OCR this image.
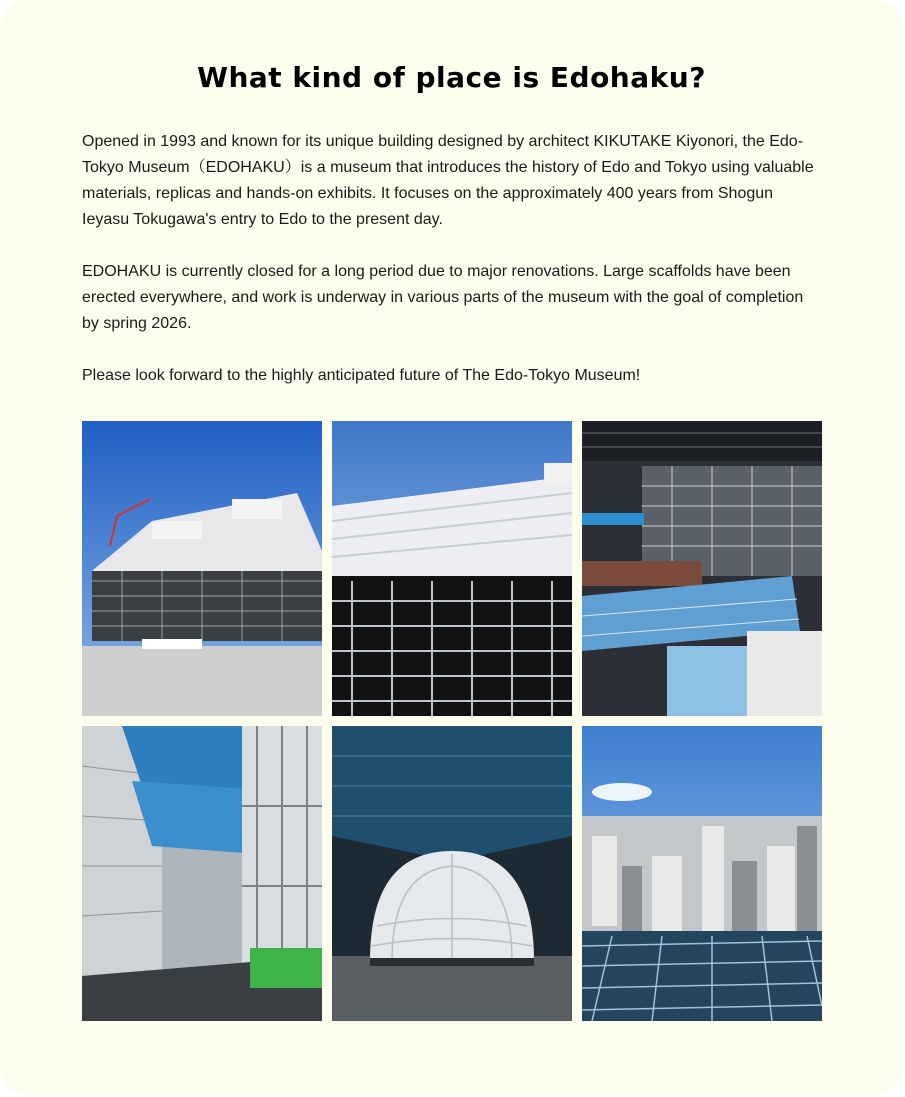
What kind of place is Edohaku?

Opened in 1993 and known for its unique building designed by architect KIKUTAKE Kiyonori, the Edo-Tokyo Museum（EDOHAKU）is a museum that introduces the history of Edo and Tokyo using valuable materials, replicas and hands-on exhibits. It focuses on the approximately 400 years from Shogun Ieyasu Tokugawa's entry to Edo to the present day.

EDOHAKU is currently closed for a long period due to major renovations. Large scaffolds have been erected everywhere, and work is underway in various parts of the museum with the goal of completion by spring 2026.

Please look forward to the highly anticipated future of The Edo-Tokyo Museum!
